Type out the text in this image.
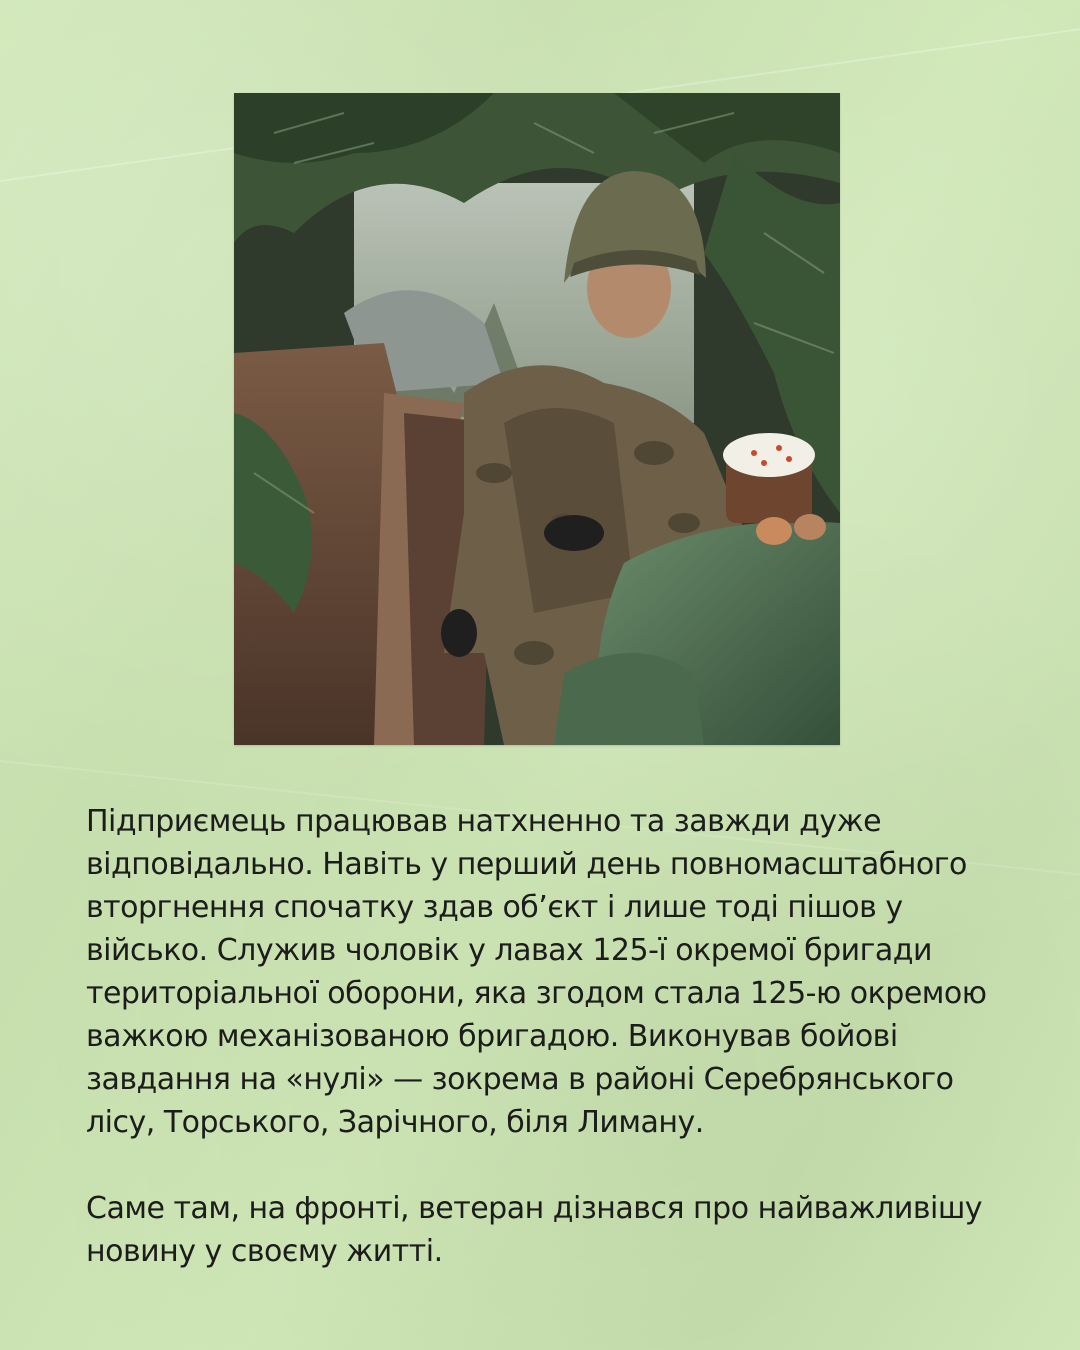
Підприємець працював натхненно та завжди дуже відповідально. Навіть у перший день повномасштабного вторгнення спочатку здав об’єкт і лише тоді пішов у військо. Служив чоловік у лавах 125-ї окремої бригади територіальної оборони, яка згодом стала 125-ю окремою важкою механізованою бригадою. Виконував бойові завдання на «нулі» — зокрема в районі Серебрянського лісу, Торського, Зарічного, біля Лиману.

Саме там, на фронті, ветеран дізнався про найважливішу новину у своєму житті.
